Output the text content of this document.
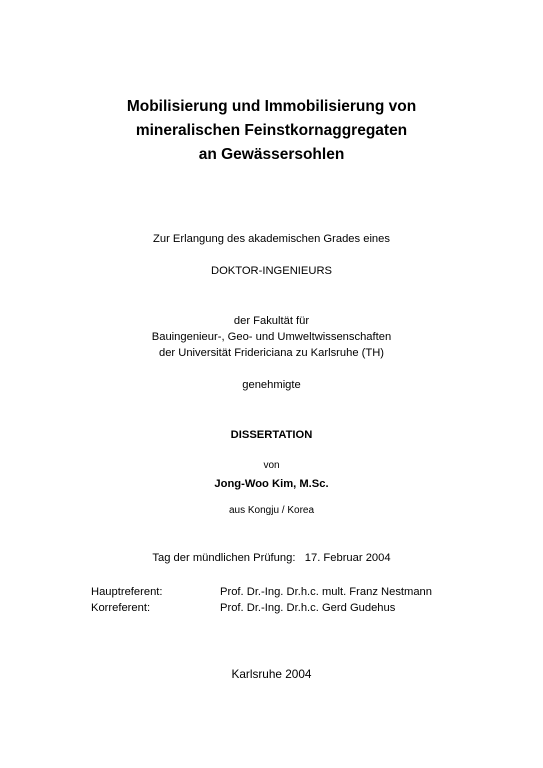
Mobilisierung und Immobilisierung von
mineralischen Feinstkornaggregaten
an Gewässersohlen
Zur Erlangung des akademischen Grades eines
DOKTOR-INGENIEURS
der Fakultät für
Bauingenieur-, Geo- und Umweltwissenschaften
der Universität Fridericiana zu Karlsruhe (TH)
genehmigte
DISSERTATION
von
Jong-Woo Kim, M.Sc.
aus Kongju / Korea
Tag der mündlichen Prüfung:   17. Februar 2004
Hauptreferent:	Prof. Dr.-Ing. Dr.h.c. mult. Franz Nestmann
Korreferent:	Prof. Dr.-Ing. Dr.h.c. Gerd Gudehus
Karlsruhe 2004
